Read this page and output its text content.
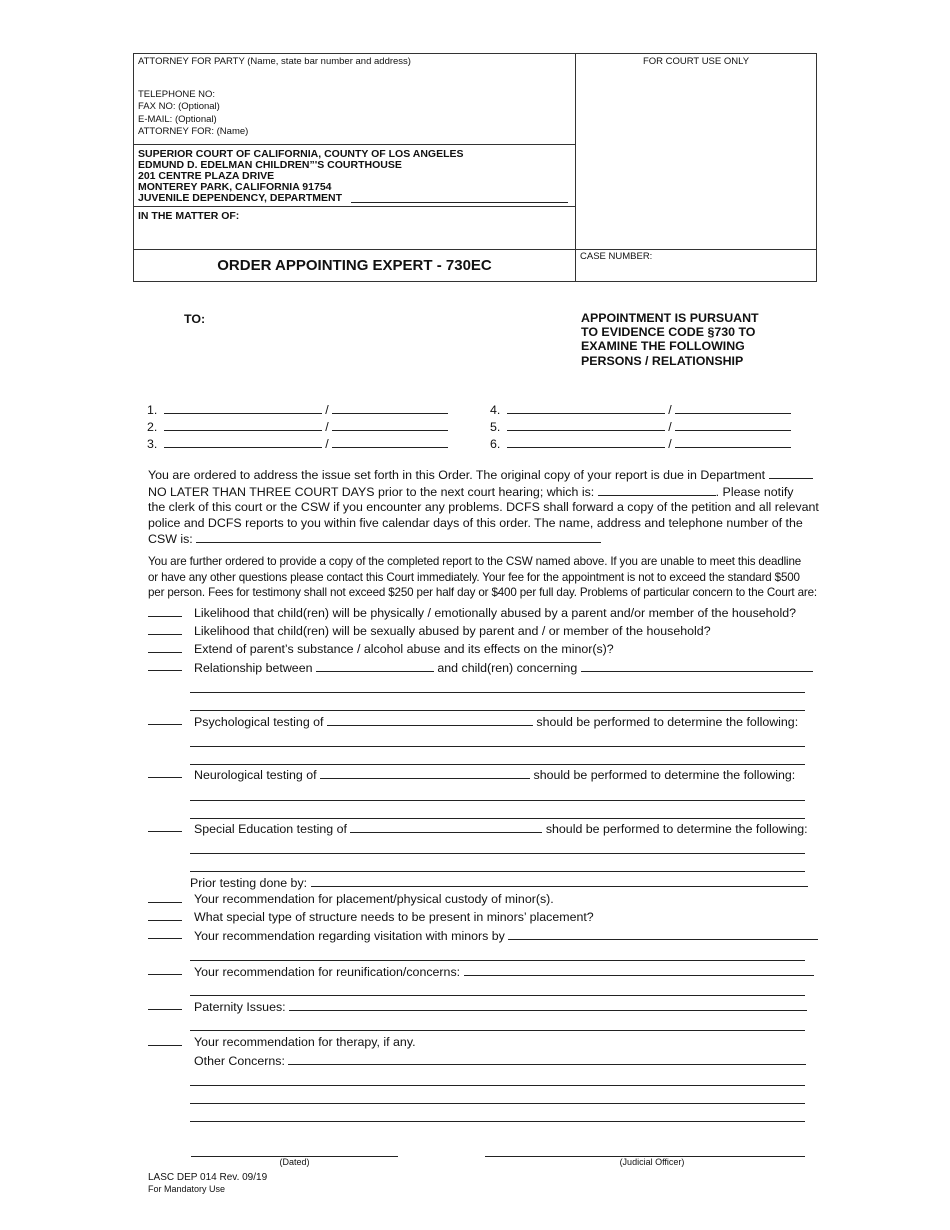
ATTORNEY FOR PARTY (Name, state bar number and address)
TELEPHONE NO:
FAX NO: (Optional)
E-MAIL: (Optional)
ATTORNEY FOR: (Name)
FOR COURT USE ONLY
SUPERIOR COURT OF CALIFORNIA, COUNTY OF LOS ANGELES
EDMUND D. EDELMAN CHILDREN”'S COURTHOUSE
201 CENTRE PLAZA DRIVE
MONTEREY PARK, CALIFORNIA 91754
JUVENILE DEPENDENCY, DEPARTMENT
IN THE MATTER OF:
ORDER APPOINTING EXPERT - 730EC
CASE NUMBER:
TO:	APPOINTMENT IS PURSUANT
TO EVIDENCE CODE §730 TO
EXAMINE THE FOLLOWING
PERSONS / RELATIONSHIP
1.	/
2.	/
3.	/
4.	/
5.	/
6.	/
You are ordered to address the issue set forth in this Order. The original copy of your report is due in Department
NO LATER THAN THREE COURT DAYS prior to the next court hearing; which is:	. Please notify
the clerk of this court or the CSW if you encounter any problems. DCFS shall forward a copy of the petition and all relevant
police and DCFS reports to you within five calendar days of this order. The name, address and telephone number of the
CSW is:
You are further ordered to provide a copy of the completed report to the CSW named above. If you are unable to meet this deadline
or have any other questions please contact this Court immediately. Your fee for the appointment is not to exceed the standard $500
per person. Fees for testimony shall not exceed $250 per half day or $400 per full day. Problems of particular concern to the Court are:
Likelihood that child(ren) will be physically / emotionally abused by a parent and/or member of the household?
Likelihood that child(ren) will be sexually abused by parent and / or member of the household?
Extend of parent’s substance / alcohol abuse and its effects on the minor(s)?
Relationship between	and child(ren) concerning
Psychological testing of	should be performed to determine the following:
Neurological testing of	should be performed to determine the following:
Special Education testing of	should be performed to determine the following:
Prior testing done by:
Your recommendation for placement/physical custody of minor(s).
What special type of structure needs to be present in minors’ placement?
Your recommendation regarding visitation with minors by
Your recommendation for reunification/concerns:
Paternity Issues:
Your recommendation for therapy, if any.
Other Concerns:
(Dated)	(Judicial Officer)
LASC DEP 014 Rev. 09/19
For Mandatory Use
